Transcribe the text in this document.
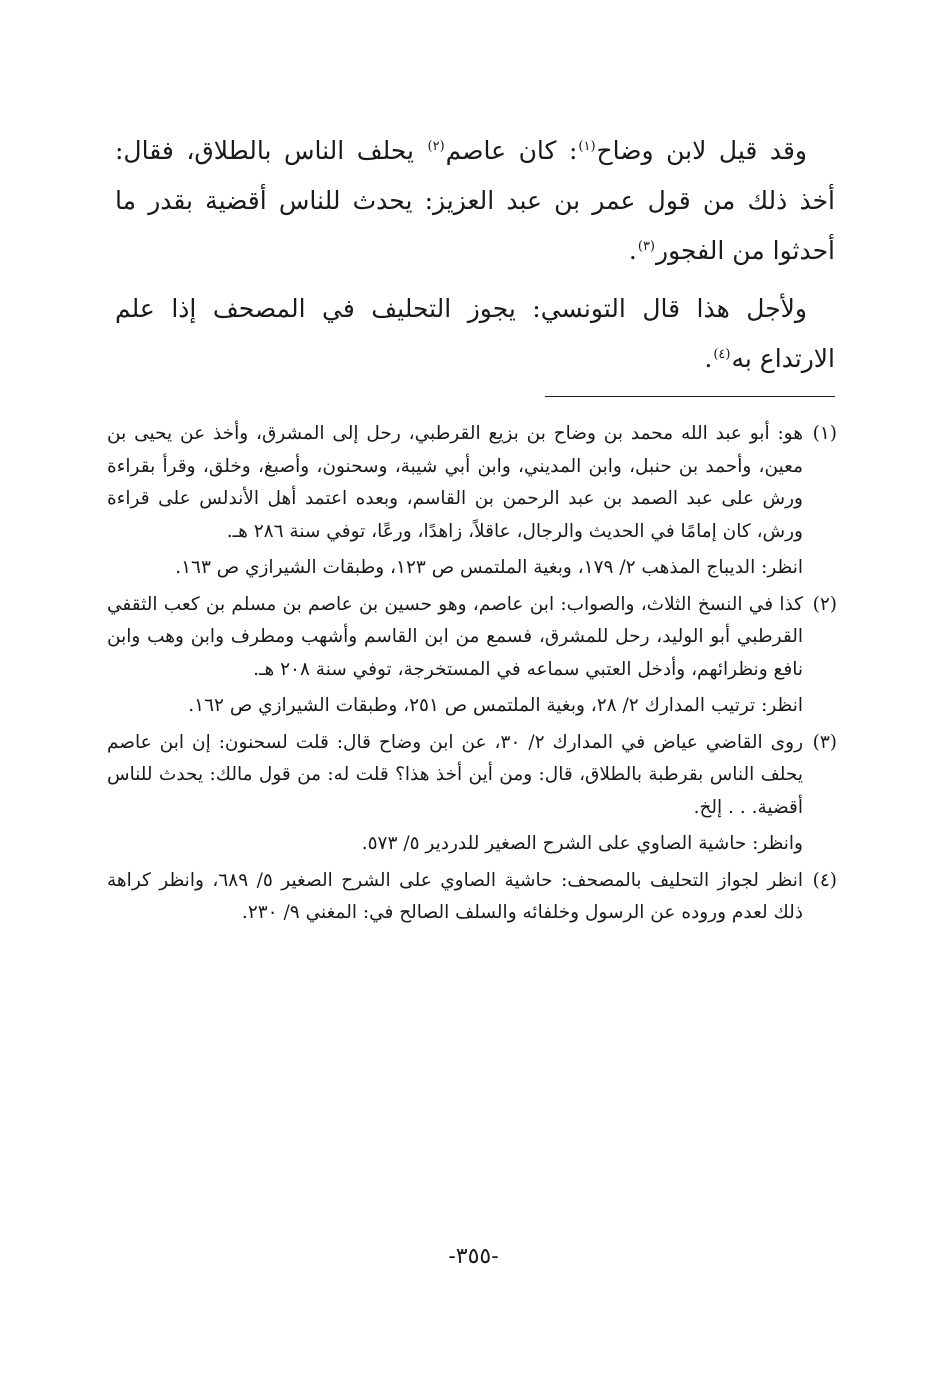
وقد قيل لابن وضاح$^{(١)}$: كان عاصم$^{(٢)}$ يحلف الناس بالطلاق، فقال: أخذ ذلك من قول عمر بن عبد العزيز: يحدث للناس أقضية بقدر ما أحدثوا من الفجور$^{(٣)}$.

ولأجل هذا قال التونسي: يجوز التحليف في المصحف إذا علم الارتداع به$^{(٤)}$.

(١)

هو: أبو عبد الله محمد بن وضاح بن بزيع القرطبي، رحل إلى المشرق، وأخذ عن يحيى بن معين، وأحمد بن حنبل، وابن المديني، وابن أبي شيبة، وسحنون، وأصبغ، وخلق، وقرأ بقراءة ورش على عبد الصمد بن عبد الرحمن بن القاسم، وبعده اعتمد أهل الأندلس على قراءة ورش، كان إمامًا في الحديث والرجال، عاقلاً، زاهدًا، ورعًا، توفي سنة ٢٨٦ هـ.

انظر: الديباج المذهب ٢/ ١٧٩، وبغية الملتمس ص ١٢٣، وطبقات الشيرازي ص ١٦٣.

(٢)

كذا في النسخ الثلاث، والصواب: ابن عاصم، وهو حسين بن عاصم بن مسلم بن كعب الثقفي القرطبي أبو الوليد، رحل للمشرق، فسمع من ابن القاسم وأشهب ومطرف وابن وهب وابن نافع ونظرائهم، وأدخل العتبي سماعه في المستخرجة، توفي سنة ٢٠٨ هـ.

انظر: ترتيب المدارك ٢/ ٢٨، وبغية الملتمس ص ٢٥١، وطبقات الشيرازي ص ١٦٢.

(٣)

روى القاضي عياض في المدارك ٢/ ٣٠، عن ابن وضاح قال: قلت لسحنون: إن ابن عاصم يحلف الناس بقرطبة بالطلاق، قال: ومن أين أخذ هذا؟ قلت له: من قول مالك: يحدث للناس أقضية. . . إلخ.

وانظر: حاشية الصاوي على الشرح الصغير للدردير ٥/ ٥٧٣.

(٤)

انظر لجواز التحليف بالمصحف: حاشية الصاوي على الشرح الصغير ٥/ ٦٨٩، وانظر كراهة ذلك لعدم وروده عن الرسول وخلفائه والسلف الصالح في: المغني ٩/ ٢٣٠.

-٣٥٥-
